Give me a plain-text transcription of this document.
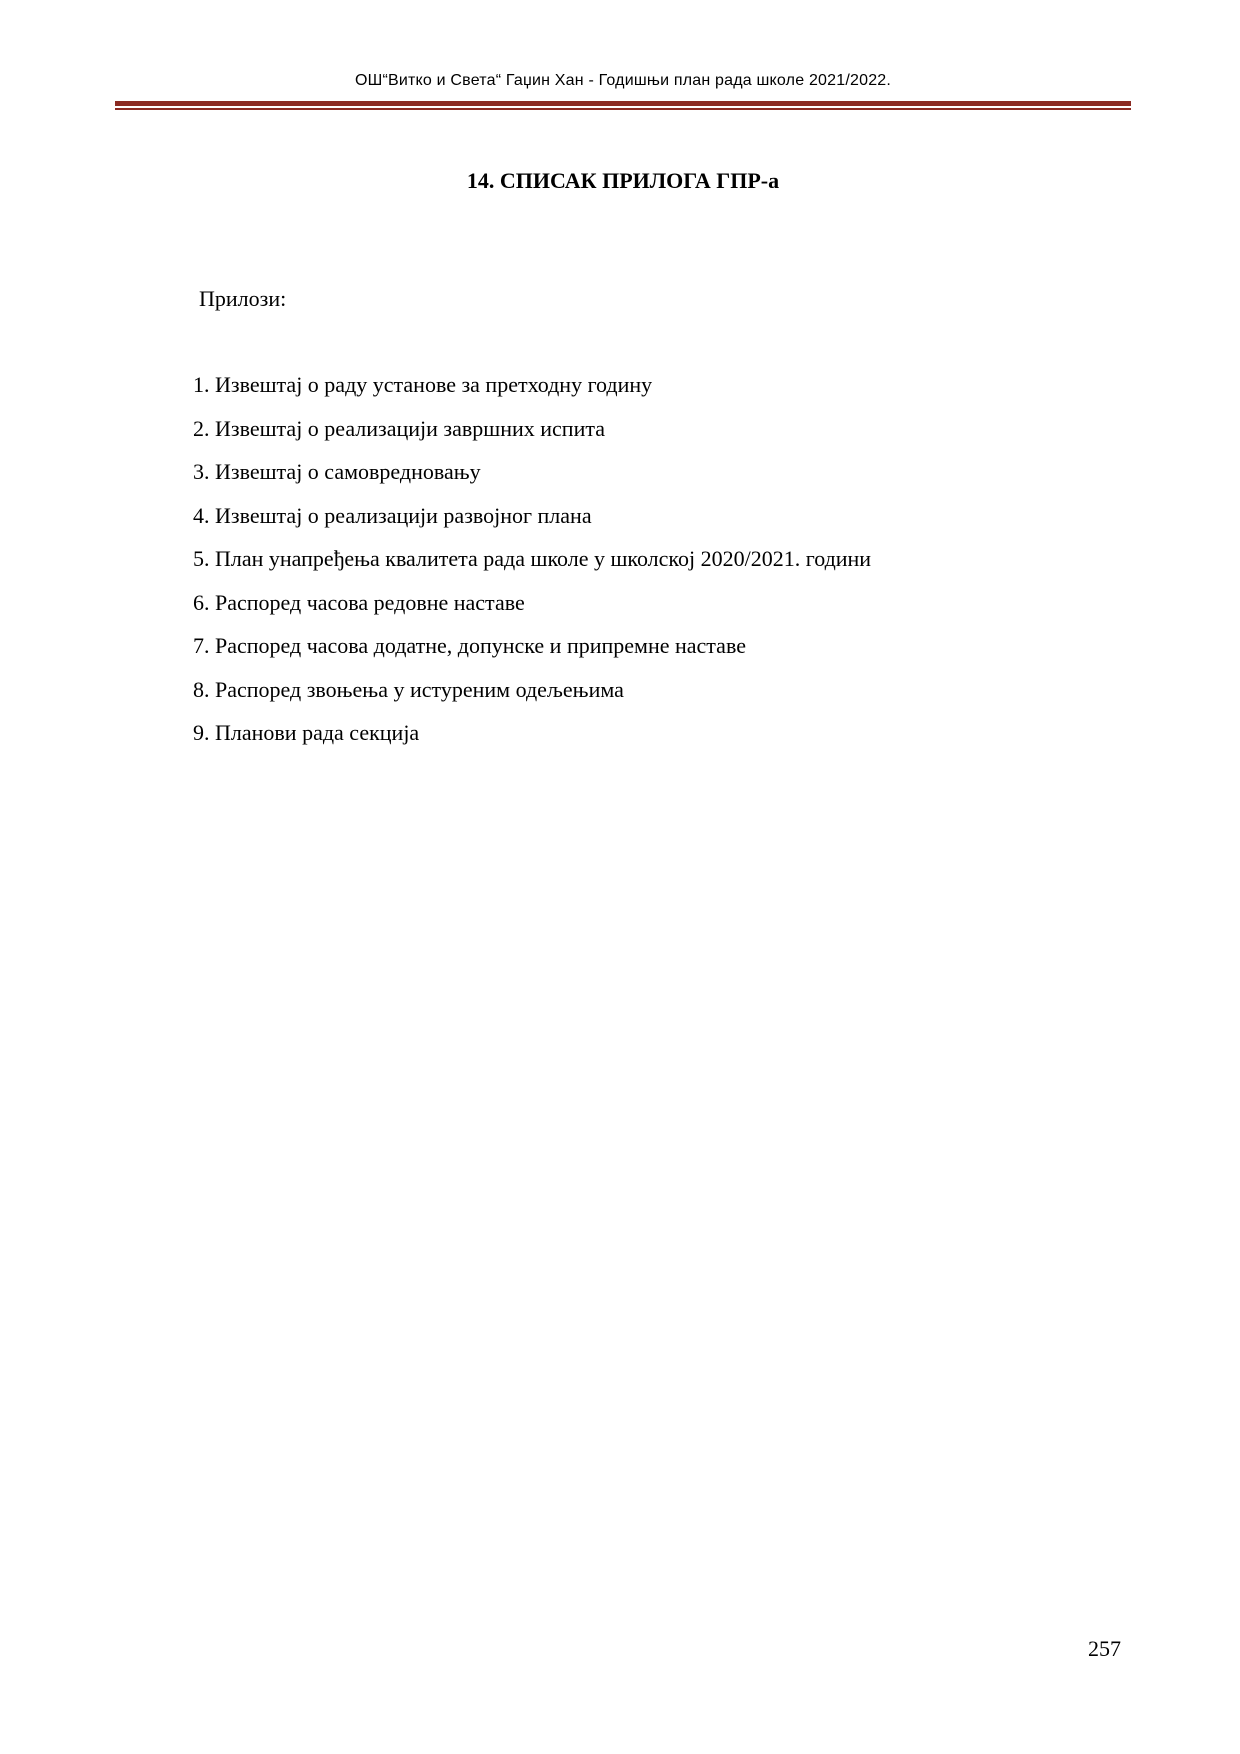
ОШ“Витко и Света“ Гаџин Хан - Годишњи план рада школе 2021/2022.
14. СПИСАК ПРИЛОГА ГПР-а
Прилози:
1. Извештај о раду установе за претходну годину
2. Извештај о реализацији завршних испита
3. Извештај о самовредновању
4. Извештај о реализацији развојног плана
5. План унапређења квалитета рада школе у школској 2020/2021. години
6. Распоред часова редовне наставе
7. Распоред часова додатне, допунске и припремне наставе
8. Распоред звоњења у истуреним одељењима
9. Планови рада секција
257
